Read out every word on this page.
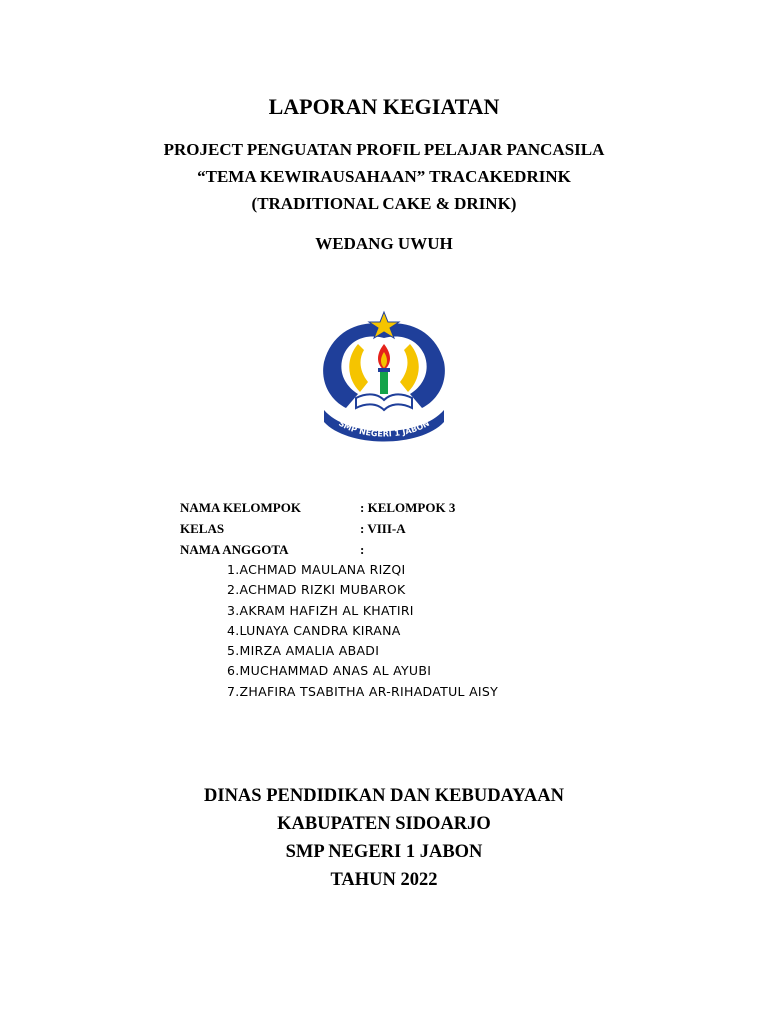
LAPORAN KEGIATAN
PROJECT PENGUATAN PROFIL PELAJAR PANCASILA
“TEMA KEWIRAUSAHAAN” TRACAKEDRINK
(TRADITIONAL CAKE & DRINK)
WEDANG UWUH
SMP NEGERI 1 JABON
NAMA KELOMPOK	: KELOMPOK 3
KELAS	: VIII-A
NAMA ANGGOTA	:
1.ACHMAD MAULANA RIZQI
2.ACHMAD RIZKI MUBAROK
3.AKRAM HAFIZH AL KHATIRI
4.LUNAYA CANDRA KIRANA
5.MIRZA AMALIA ABADI
6.MUCHAMMAD ANAS AL AYUBI
7.ZHAFIRA TSABITHA AR-RIHADATUL AISY
DINAS PENDIDIKAN DAN KEBUDAYAAN
KABUPATEN SIDOARJO
SMP NEGERI 1 JABON
TAHUN 2022
